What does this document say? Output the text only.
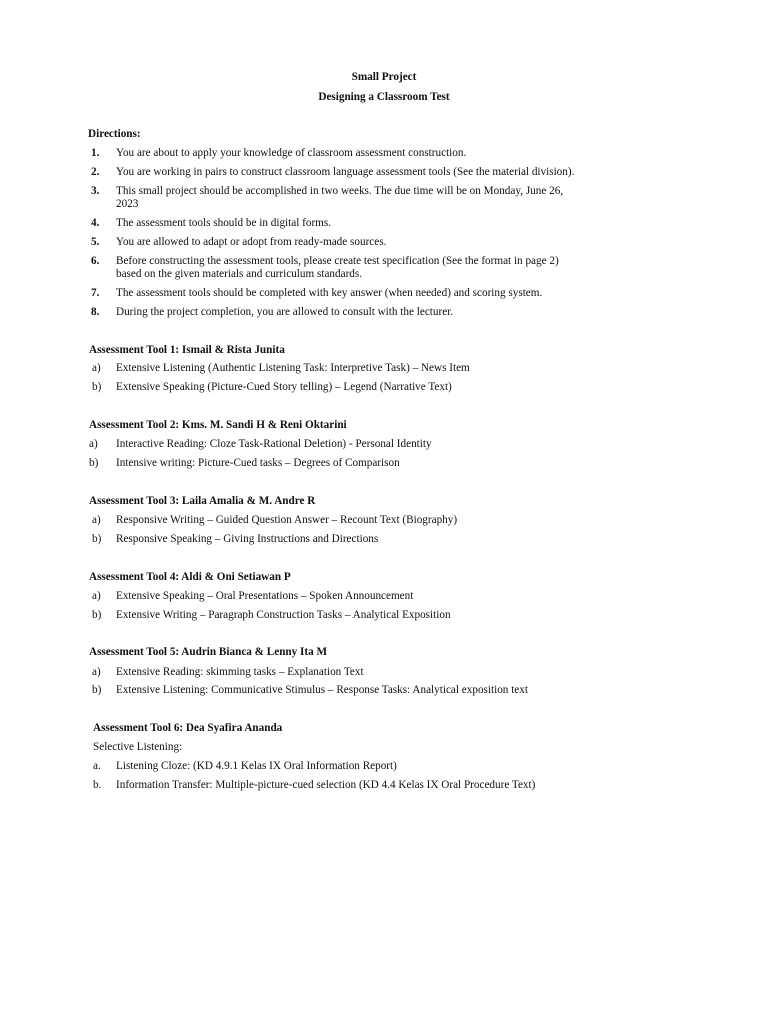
Small Project
Designing a Classroom Test
Directions:
1.	You are about to apply your knowledge of classroom assessment construction.
2.	You are working in pairs to construct classroom language assessment tools (See the material division).
3.	This small project should be accomplished in two weeks. The due time will be on Monday, June 26,
2023
4.	The assessment tools should be in digital forms.
5.	You are allowed to adapt or adopt from ready-made sources.
6.	Before constructing the assessment tools, please create test specification (See the format in page 2)
based on the given materials and curriculum standards.
7.	The assessment tools should be completed with key answer (when needed) and scoring system.
8.	During the project completion, you are allowed to consult with the lecturer.
Assessment Tool 1: Ismail & Rista Junita
a)	Extensive Listening (Authentic Listening Task: Interpretive Task) – News Item
b)	Extensive Speaking (Picture-Cued Story telling) – Legend (Narrative Text)
Assessment Tool 2: Kms. M. Sandi H & Reni Oktarini
a)	Interactive Reading: Cloze Task-Rational Deletion) - Personal Identity
b)	Intensive writing: Picture-Cued tasks – Degrees of Comparison
Assessment Tool 3: Laila Amalia & M. Andre R
a)	Responsive Writing – Guided Question Answer – Recount Text (Biography)
b)	Responsive Speaking – Giving Instructions and Directions
Assessment Tool 4: Aldi & Oni Setiawan P
a)	Extensive Speaking – Oral Presentations – Spoken Announcement
b)	Extensive Writing – Paragraph Construction Tasks – Analytical Exposition
Assessment Tool 5: Audrin Bianca & Lenny Ita M
a)	Extensive Reading: skimming tasks – Explanation Text
b)	Extensive Listening: Communicative Stimulus – Response Tasks: Analytical exposition text
Assessment Tool 6: Dea Syafira Ananda
Selective Listening:
a.	Listening Cloze: (KD 4.9.1 Kelas IX Oral Information Report)
b.	Information Transfer: Multiple-picture-cued selection (KD 4.4 Kelas IX Oral Procedure Text)
